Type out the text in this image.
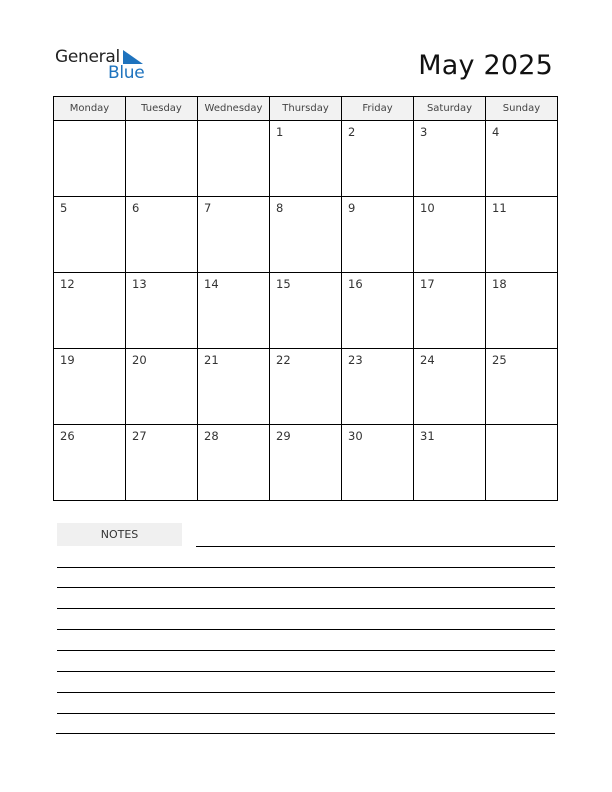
General
Blue	May 2025
Monday	Tuesday	Wednesday	Thursday	Friday	Saturday	Sunday

			1	2	3	4

5	6	7	8	9	10	11

12	13	14	15	16	17	18

19	20	21	22	23	24	25

26	27	28	29	30	31	

NOTES
